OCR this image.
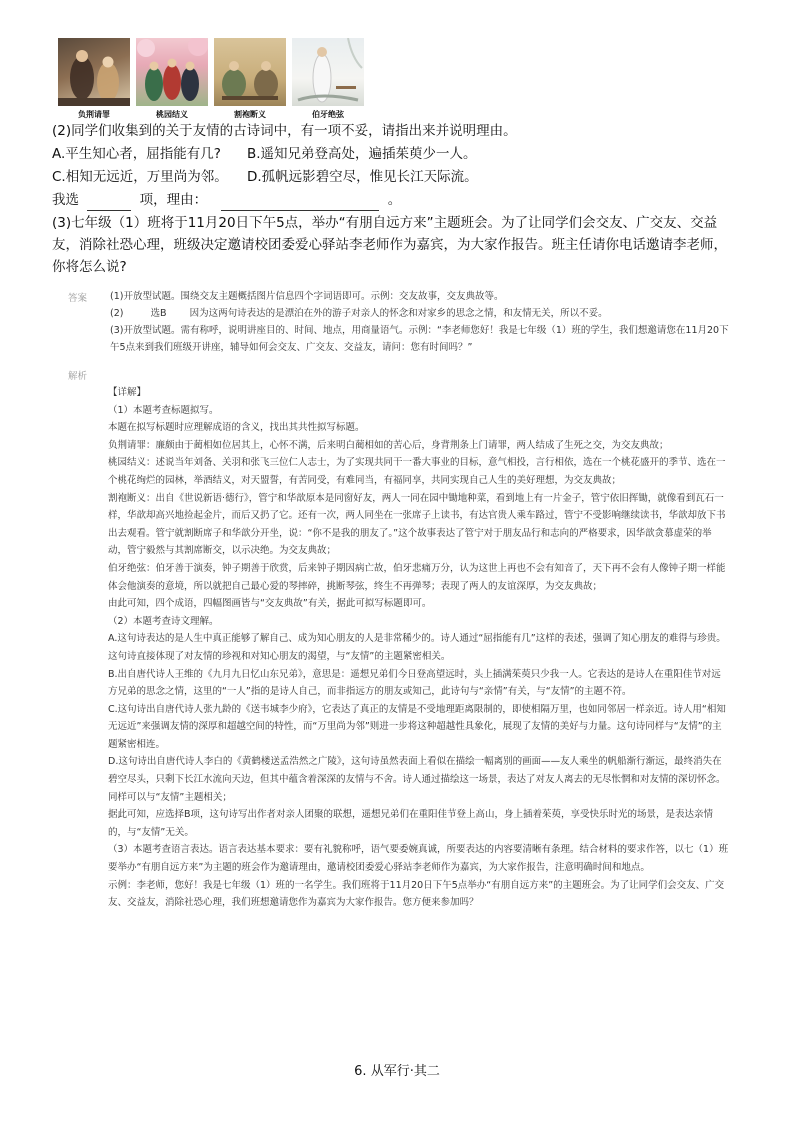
负荆请罪	桃园结义	割袍断义	伯牙绝弦
(2)同学们收集到的关于友情的古诗词中，有一项不妥，请指出来并说明理由。
A.平生知心者，屈指能有几?	B.遥知兄弟登高处，遍插茱萸少一人。
C.相知无远近，万里尚为邻。	D.孤帆远影碧空尽，惟见长江天际流。
我选	项，理由：	。
(3)七年级（1）班将于11月20日下午5点，举办“有朋自远方来”主题班会。为了让同学们会交友、广交友、交益友，消除社恐心理，班级决定邀请校团委爱心驿站李老师作为嘉宾，为大家作报告。班主任请你电话邀请李老师，你将怎么说?
答案 (1)开放型试题。围绕交友主题概括图片信息四个字词语即可。示例：交友故事，交友典故等。
(2)	选B 因为这两句诗表达的是漂泊在外的游子对亲人的怀念和对家乡的思念之情，和友情无关，所以不妥。
(3)开放型试题。需有称呼，说明讲座目的、时间、地点，用商量语气。示例：“李老师您好！我是七年级（1）班的学生，我们想邀请您在11月20下午5点来到我们班级开讲座，辅导如何会交友、广交友、交益友，请问：您有时间吗？”
解析

【详解】

（1）本题考查标题拟写。

本题在拟写标题时应理解成语的含义，找出其共性拟写标题。

负荆请罪：廉颇由于蔺相如位居其上，心怀不满，后来明白蔺相如的苦心后，身背荆条上门请罪，两人结成了生死之交，为交友典故；

桃园结义：述说当年刘备、关羽和张飞三位仁人志士，为了实现共同干一番大事业的目标，意气相投，言行相依，选在一个桃花盛开的季节、选在一个桃花绚烂的园林，举酒结义，对天盟誓，有苦同受，有难同当，有福同享，共同实现自己人生的美好理想，为交友典故；

割袍断义：出自《世说新语·德行》，管宁和华歆原本是同窗好友，两人一同在园中锄地种菜，看到地上有一片金子，管宁依旧挥锄，就像看到瓦石一样，华歆却高兴地捡起金片，而后又扔了它。还有一次，两人同坐在一张席子上读书，有达官贵人乘车路过，管宁不受影响继续读书，华歆却放下书出去观看。管宁就割断席子和华歆分开坐，说：“你不是我的朋友了。”这个故事表达了管宁对于朋友品行和志向的严格要求，因华歆贪慕虚荣的举动，管宁毅然与其割席断交，以示决绝。为交友典故；

伯牙绝弦：伯牙善于演奏，钟子期善于欣赏，后来钟子期因病亡故，伯牙悲痛万分，认为这世上再也不会有知音了，天下再不会有人像钟子期一样能体会他演奏的意境，所以就把自己最心爱的琴摔碎，挑断琴弦，终生不再弹琴；表现了两人的友谊深厚，为交友典故；

由此可知，四个成语，四幅图画皆与“交友典故”有关，据此可拟写标题即可。

（2）本题考查诗文理解。

A.这句诗表达的是人生中真正能够了解自己、成为知心朋友的人是非常稀少的。诗人通过“屈指能有几”这样的表述，强调了知心朋友的难得与珍贵。这句诗直接体现了对友情的珍视和对知心朋友的渴望，与“友情”的主题紧密相关。

B.出自唐代诗人王维的《九月九日忆山东兄弟》，意思是：遥想兄弟们今日登高望远时，头上插满茱萸只少我一人。它表达的是诗人在重阳佳节对远方兄弟的思念之情，这里的“一人”指的是诗人自己，而非指远方的朋友或知己，此诗句与“亲情”有关，与“友情”的主题不符。

C.这句诗出自唐代诗人张九龄的《送韦城李少府》，它表达了真正的友情是不受地理距离限制的，即使相隔万里，也如同邻居一样亲近。诗人用“相知无远近”来强调友情的深厚和超越空间的特性，而“万里尚为邻”则进一步将这种超越性具象化，展现了友情的美好与力量。这句诗同样与“友情”的主题紧密相连。

D.这句诗出自唐代诗人李白的《黄鹤楼送孟浩然之广陵》，这句诗虽然表面上看似在描绘一幅离别的画面——友人乘坐的帆船渐行渐远，最终消失在碧空尽头，只剩下长江水流向天边，但其中蕴含着深深的友情与不舍。诗人通过描绘这一场景，表达了对友人离去的无尽怅惘和对友情的深切怀念。同样可以与“友情”主题相关；

据此可知，应选择B项，这句诗写出作者对亲人团聚的联想，遥想兄弟们在重阳佳节登上高山，身上插着茱萸，享受快乐时光的场景，是表达亲情的，与“友情”无关。

（3）本题考查语言表达。语言表达基本要求：要有礼貌称呼，语气要委婉真诚，所要表达的内容要清晰有条理。结合材料的要求作答，以七（1）班要举办“有朋自远方来”为主题的班会作为邀请理由，邀请校团委爱心驿站李老师作为嘉宾，为大家作报告，注意明确时间和地点。

示例：李老师，您好！我是七年级（1）班的一名学生。我们班将于11月20日下午5点举办“有朋自远方来”的主题班会。为了让同学们会交友、广交友、交益友，消除社恐心理，我们班想邀请您作为嘉宾为大家作报告。您方便来参加吗？

6. 从军行·其二
